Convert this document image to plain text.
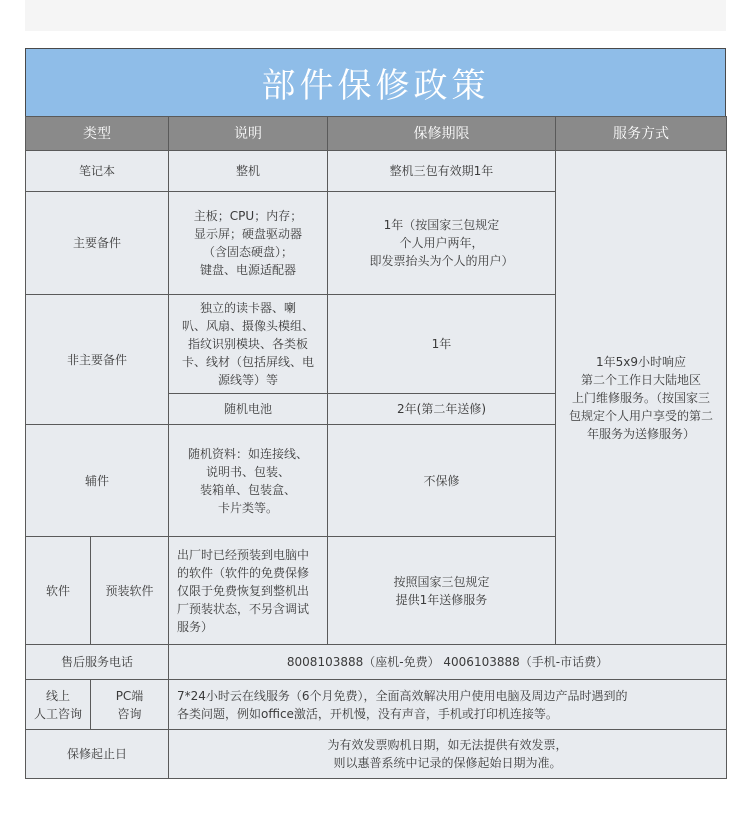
部件保修政策
类型		说明	保修期限	服务方式
笔记本		整机	整机三包有效期1年	1年5x9小时响应
第二个工作日大陆地区
上门维修服务。（按国家三
包规定个人用户享受的第二
年服务为送修服务）
主要备件		主板；CPU；内存；
显示屏；硬盘驱动器
（含固态硬盘）；
键盘、电源适配器	1年（按国家三包规定
个人用户两年，
即发票抬头为个人的用户）	
非主要备件		独立的读卡器、喇
叭、风扇、摄像头模组、
指纹识别模块、各类板
卡、线材（包括屏线、电
源线等）等	1年	
		随机电池	2年(第二年送修)	
辅件		随机资料：如连接线、
说明书、包装、
装箱单、包装盒、
卡片类等。	不保修	
软件	预装软件	出厂时已经预装到电脑中
的软件（软件的免费保修
仅限于免费恢复到整机出
厂预装状态，不另含调试
服务）	按照国家三包规定
提供1年送修服务	
售后服务电话		8008103888（座机-免费） 4006103888（手机-市话费）		
线上
人工咨询	PC端
咨询	7*24小时云在线服务（6个月免费），全面高效解决用户使用电脑及周边产品时遇到的
各类问题，例如office激活，开机慢，没有声音，手机或打印机连接等。		
保修起止日		为有效发票购机日期，如无法提供有效发票，
则以惠普系统中记录的保修起始日期为准。		
